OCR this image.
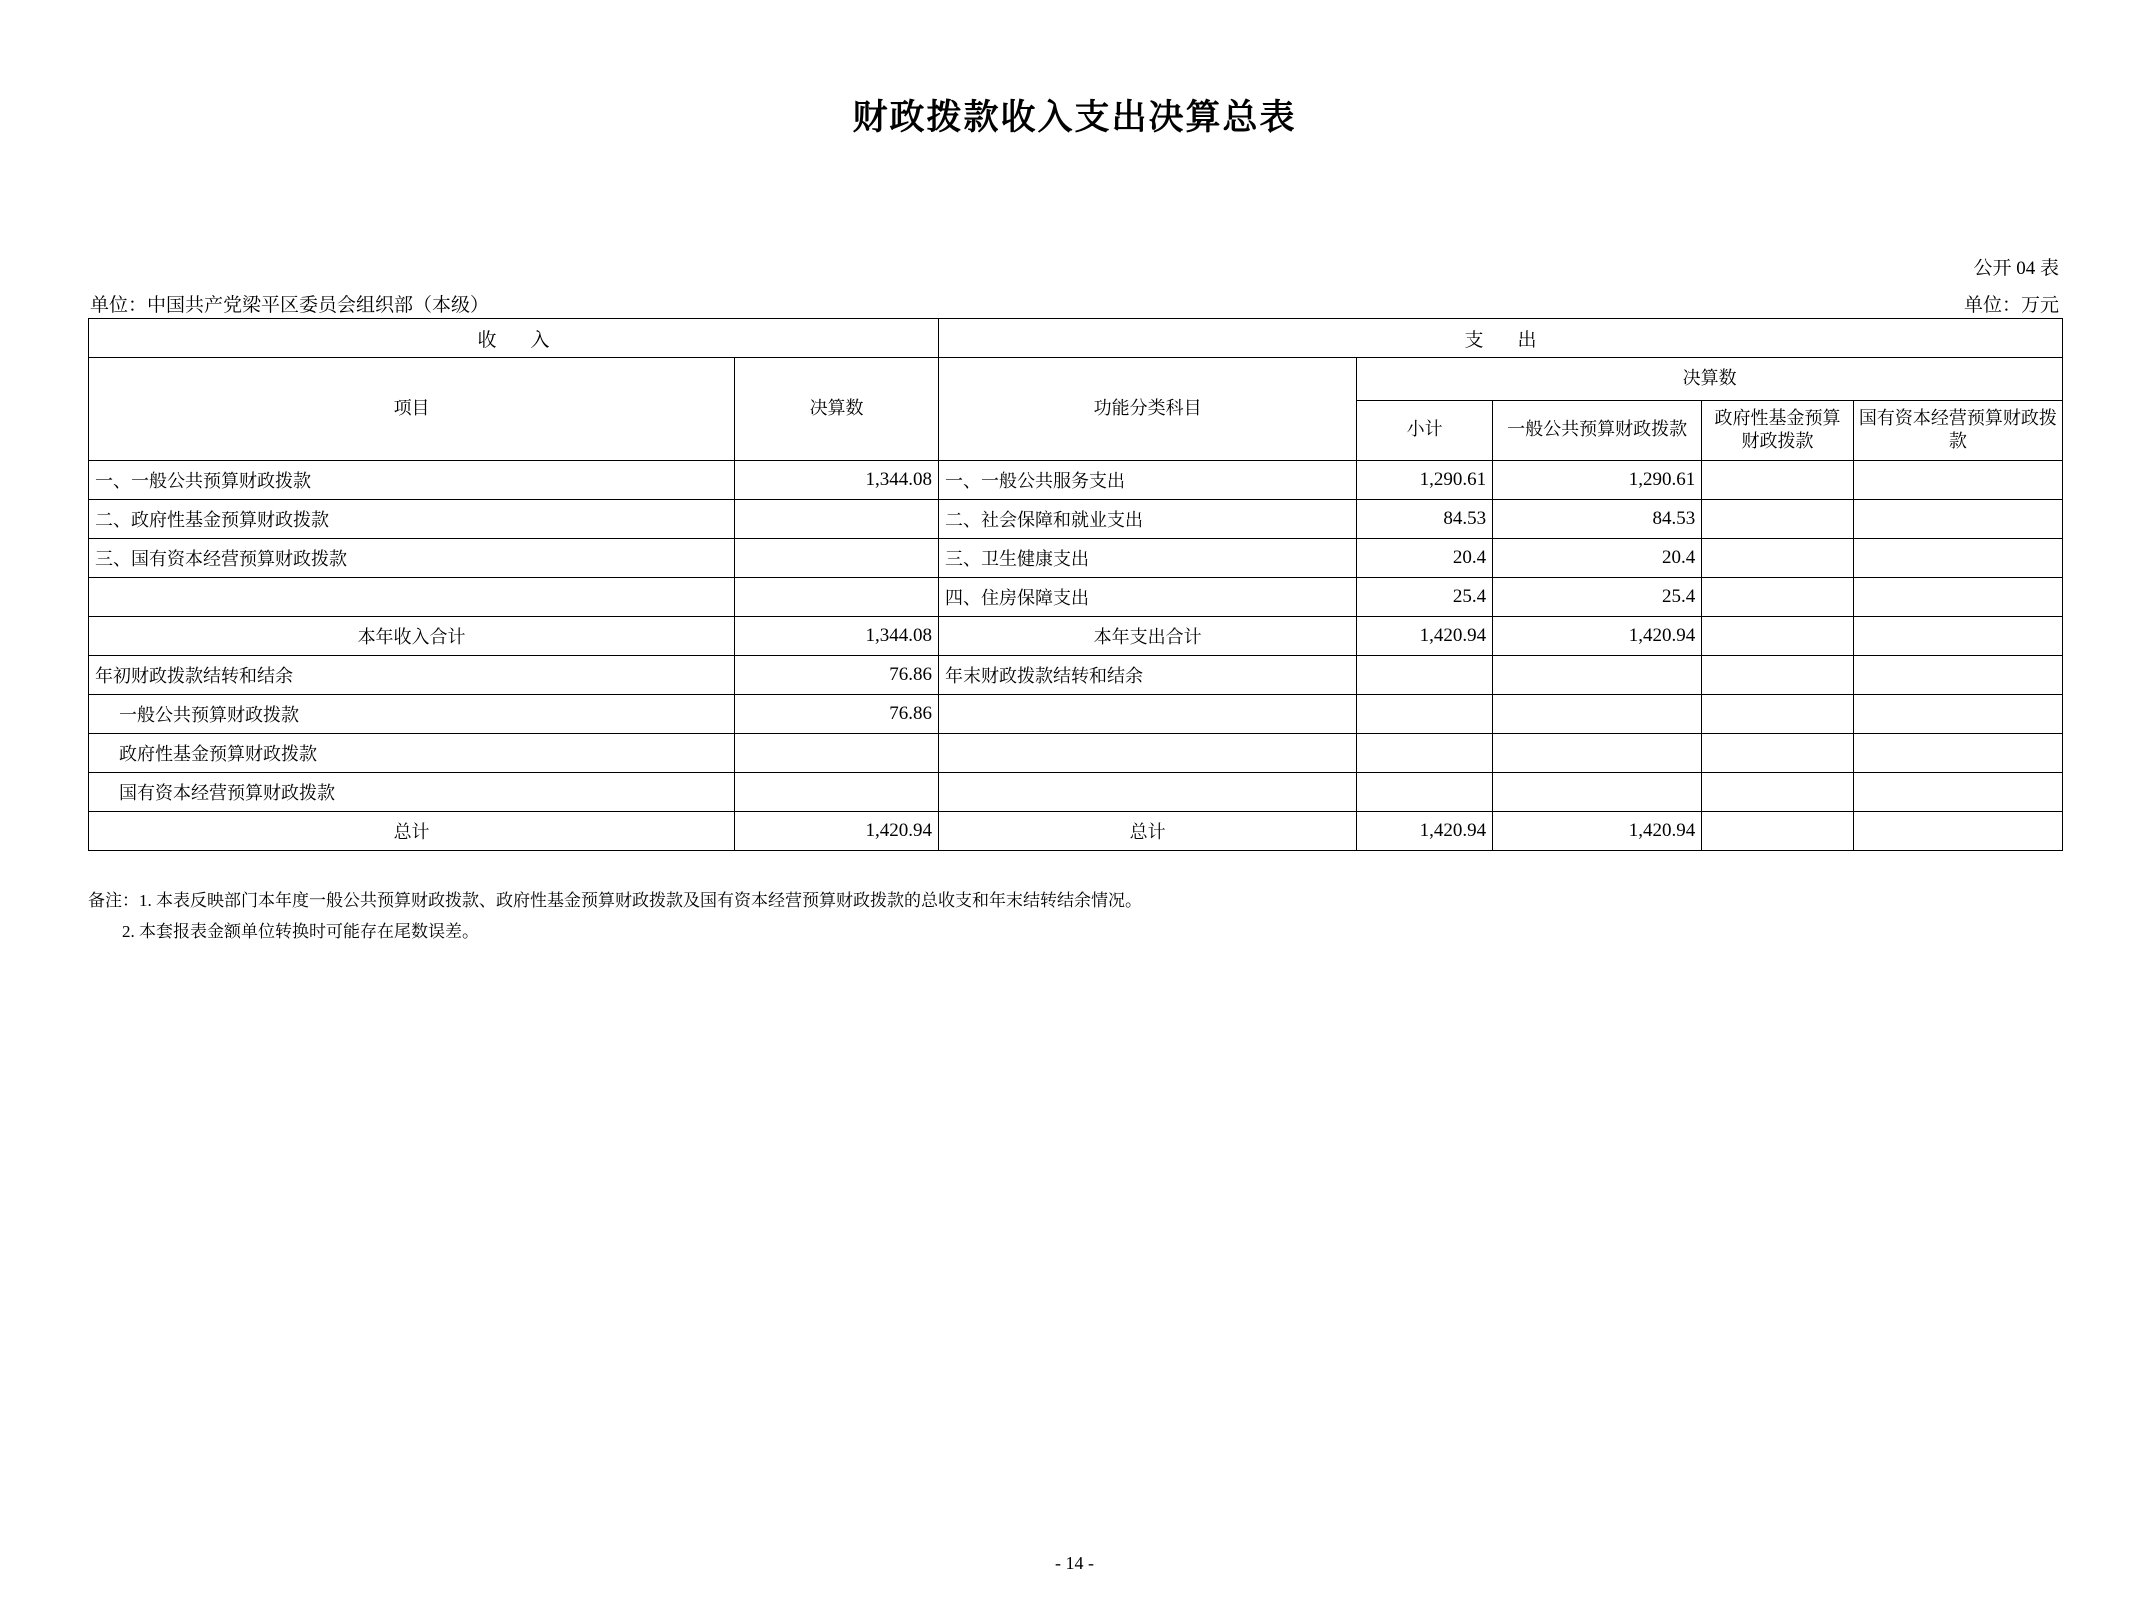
财政拨款收入支出决算总表
公开 04 表
单位：万元
单位：中国共产党梁平区委员会组织部（本级）
收 入		支 出				
项目	决算数	功能分类科目	决算数			
			小计	一般公共预算财政拨款	政府性基金预算财政拨款	国有资本经营预算财政拨款
一、一般公共预算财政拨款	1,344.08	一、一般公共服务支出	1,290.61	1,290.61		
二、政府性基金预算财政拨款		二、社会保障和就业支出	84.53	84.53		
三、国有资本经营预算财政拨款		三、卫生健康支出	20.4	20.4		
		四、住房保障支出	25.4	25.4		
本年收入合计	1,344.08	本年支出合计	1,420.94	1,420.94		
年初财政拨款结转和结余	76.86	年末财政拨款结转和结余				
一般公共预算财政拨款	76.86					
政府性基金预算财政拨款						
国有资本经营预算财政拨款						
总计	1,420.94	总计	1,420.94	1,420.94		
备注：1. 本表反映部门本年度一般公共预算财政拨款、政府性基金预算财政拨款及国有资本经营预算财政拨款的总收支和年末结转结余情况。
2. 本套报表金额单位转换时可能存在尾数误差。
- 14 -
